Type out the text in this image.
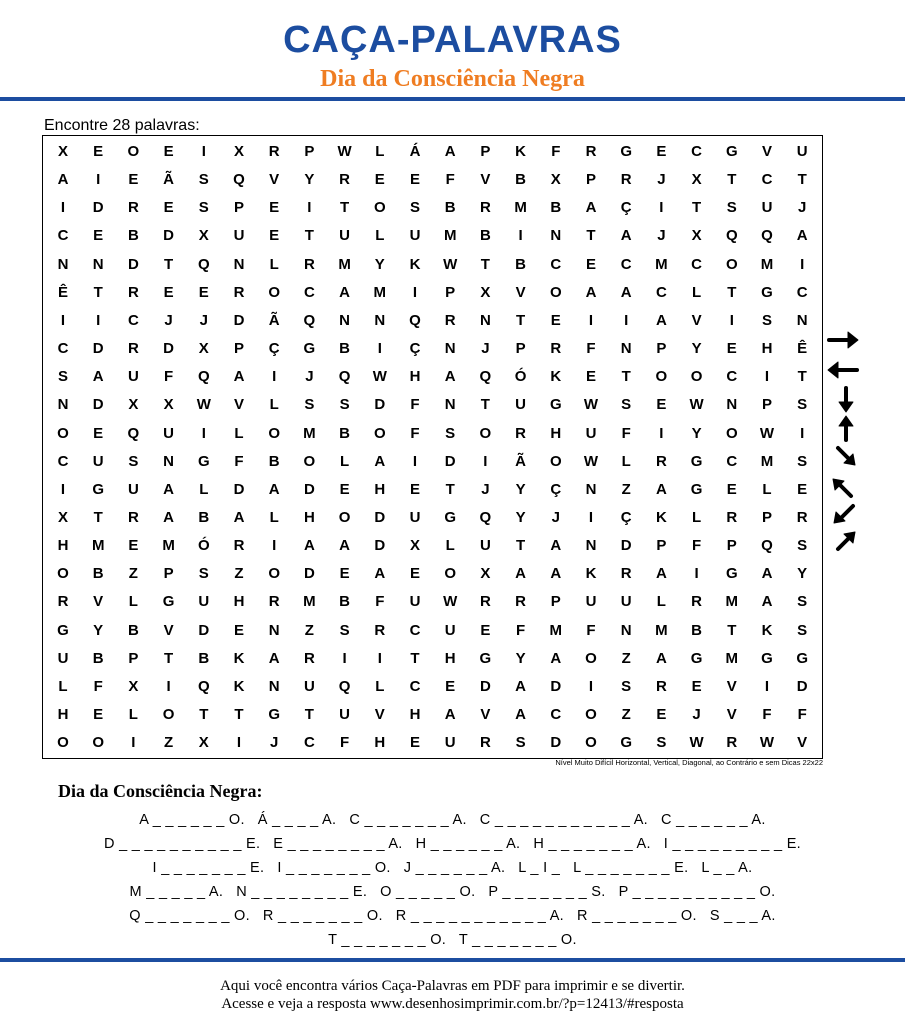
CAÇA-PALAVRAS
Dia da Consciência Negra
Encontre 28 palavras:
X	E	O	E	I	X	R	P	W	L	Á	A	P	K	F	R	G	E	C	G	V	U
A	I	E	Ã	S	Q	V	Y	R	E	E	F	V	B	X	P	R	J	X	T	C	T
I	D	R	E	S	P	E	I	T	O	S	B	R	M	B	A	Ç	I	T	S	U	J
C	E	B	D	X	U	E	T	U	L	U	M	B	I	N	T	A	J	X	Q	Q	A
N	N	D	T	Q	N	L	R	M	Y	K	W	T	B	C	E	C	M	C	O	M	I
Ê	T	R	E	E	R	O	C	A	M	I	P	X	V	O	A	A	C	L	T	G	C
I	I	C	J	J	D	Ã	Q	N	N	Q	R	N	T	E	I	I	A	V	I	S	N
C	D	R	D	X	P	Ç	G	B	I	Ç	N	J	P	R	F	N	P	Y	E	H	Ê
S	A	U	F	Q	A	I	J	Q	W	H	A	Q	Ó	K	E	T	O	O	C	I	T
N	D	X	X	W	V	L	S	S	D	F	N	T	U	G	W	S	E	W	N	P	S
O	E	Q	U	I	L	O	M	B	O	F	S	O	R	H	U	F	I	Y	O	W	I
C	U	S	N	G	F	B	O	L	A	I	D	I	Ã	O	W	L	R	G	C	M	S
I	G	U	A	L	D	A	D	E	H	E	T	J	Y	Ç	N	Z	A	G	E	L	E
X	T	R	A	B	A	L	H	O	D	U	G	Q	Y	J	I	Ç	K	L	R	P	R
H	M	E	M	Ó	R	I	A	A	D	X	L	U	T	A	N	D	P	F	P	Q	S
O	B	Z	P	S	Z	O	D	E	A	E	O	X	A	A	K	R	A	I	G	A	Y
R	V	L	G	U	H	R	M	B	F	U	W	R	R	P	U	U	L	R	M	A	S
G	Y	B	V	D	E	N	Z	S	R	C	U	E	F	M	F	N	M	B	T	K	S
U	B	P	T	B	K	A	R	I	I	T	H	G	Y	A	O	Z	A	G	M	G	G
L	F	X	I	Q	K	N	U	Q	L	C	E	D	A	D	I	S	R	E	V	I	D
H	E	L	O	T	T	G	T	U	V	H	A	V	A	C	O	Z	E	J	V	F	F
O	O	I	Z	X	I	J	C	F	H	E	U	R	S	D	O	G	S	W	R	W	V
Nível Muito Difícil Horizontal, Vertical, Diagonal, ao Contrário e sem Dicas 22x22
Dia da Consciência Negra:
A _ _ _ _ _ _ O.   Á _ _ _ _ A.   C _ _ _ _ _ _ _ A.   C _ _ _ _ _ _ _ _ _ _ _ A.   C _ _ _ _ _ _ A.
D _ _ _ _ _ _ _ _ _ _ E.   E _ _ _ _ _ _ _ _ A.   H _ _ _ _ _ _ A.   H _ _ _ _ _ _ _ A.   I _ _ _ _ _ _ _ _ _ E.
I _ _ _ _ _ _ _ E.   I _ _ _ _ _ _ _ O.   J _ _ _ _ _ _ A.   L _ I _   L _ _ _ _ _ _ _ E.   L _ _ A.
M _ _ _ _ _ A.   N _ _ _ _ _ _ _ _ E.   O _ _ _ _ _ O.   P _ _ _ _ _ _ _ S.   P _ _ _ _ _ _ _ _ _ _ O.
Q _ _ _ _ _ _ _ O.   R _ _ _ _ _ _ _ O.   R _ _ _ _ _ _ _ _ _ _ _ A.   R _ _ _ _ _ _ _ O.   S _ _ _ A.
T _ _ _ _ _ _ _ O.   T _ _ _ _ _ _ _ O.
Aqui você encontra vários Caça-Palavras em PDF para imprimir e se divertir.
Acesse e veja a resposta www.desenhosimprimir.com.br/?p=12413/#resposta
